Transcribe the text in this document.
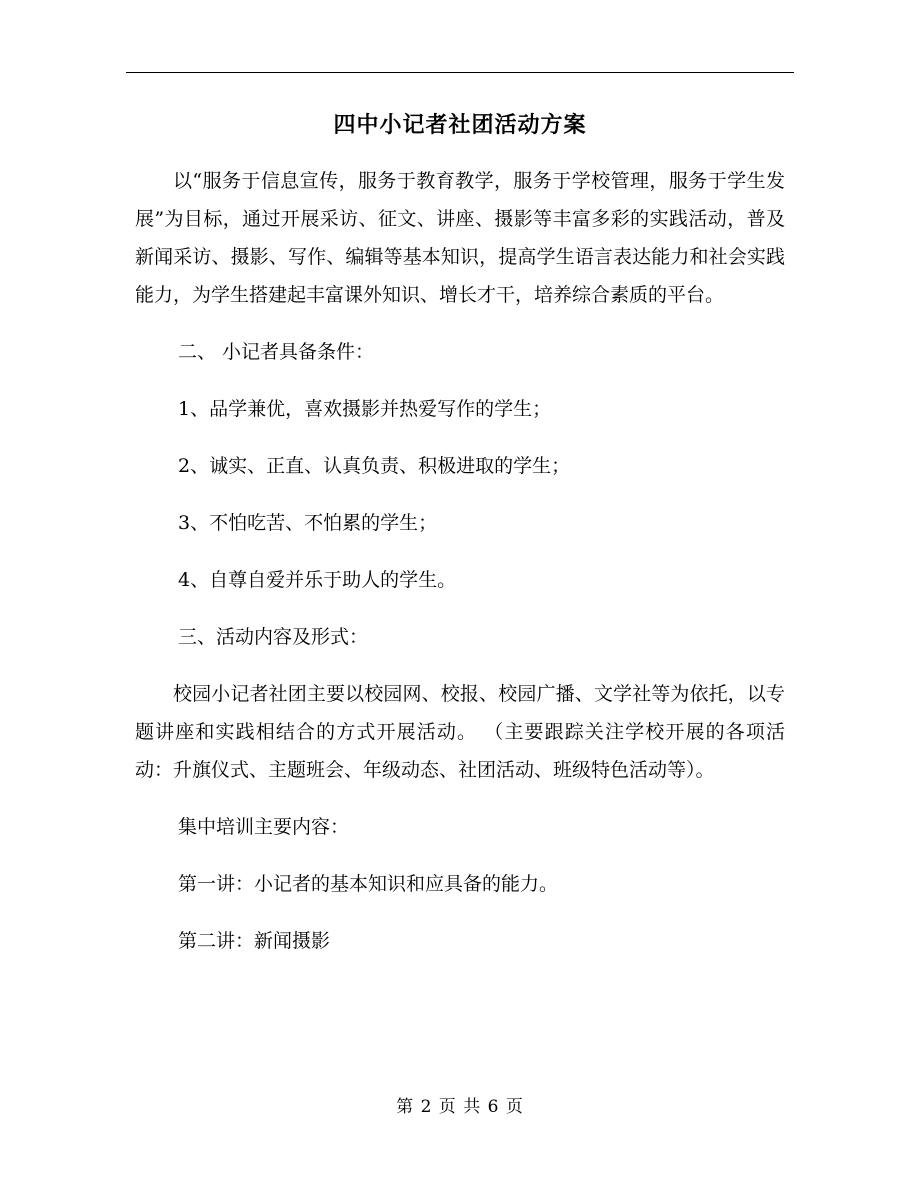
四中小记者社团活动方案

以“服务于信息宣传，服务于教育教学，服务于学校管理，服务于学生发展”为目标，通过开展采访、征文、讲座、摄影等丰富多彩的实践活动，普及新闻采访、摄影、写作、编辑等基本知识，提高学生语言表达能力和社会实践能力，为学生搭建起丰富课外知识、增长才干，培养综合素质的平台。

二、 小记者具备条件：

1、品学兼优，喜欢摄影并热爱写作的学生；

2、诚实、正直、认真负责、积极进取的学生；

3、不怕吃苦、不怕累的学生；

4、自尊自爱并乐于助人的学生。

三、活动内容及形式：

校园小记者社团主要以校园网、校报、校园广播、文学社等为依托，以专题讲座和实践相结合的方式开展活动。 （主要跟踪关注学校开展的各项活动：升旗仪式、主题班会、年级动态、社团活动、班级特色活动等）。

集中培训主要内容：

第一讲：小记者的基本知识和应具备的能力。

第二讲：新闻摄影

第 2 页 共 6 页
